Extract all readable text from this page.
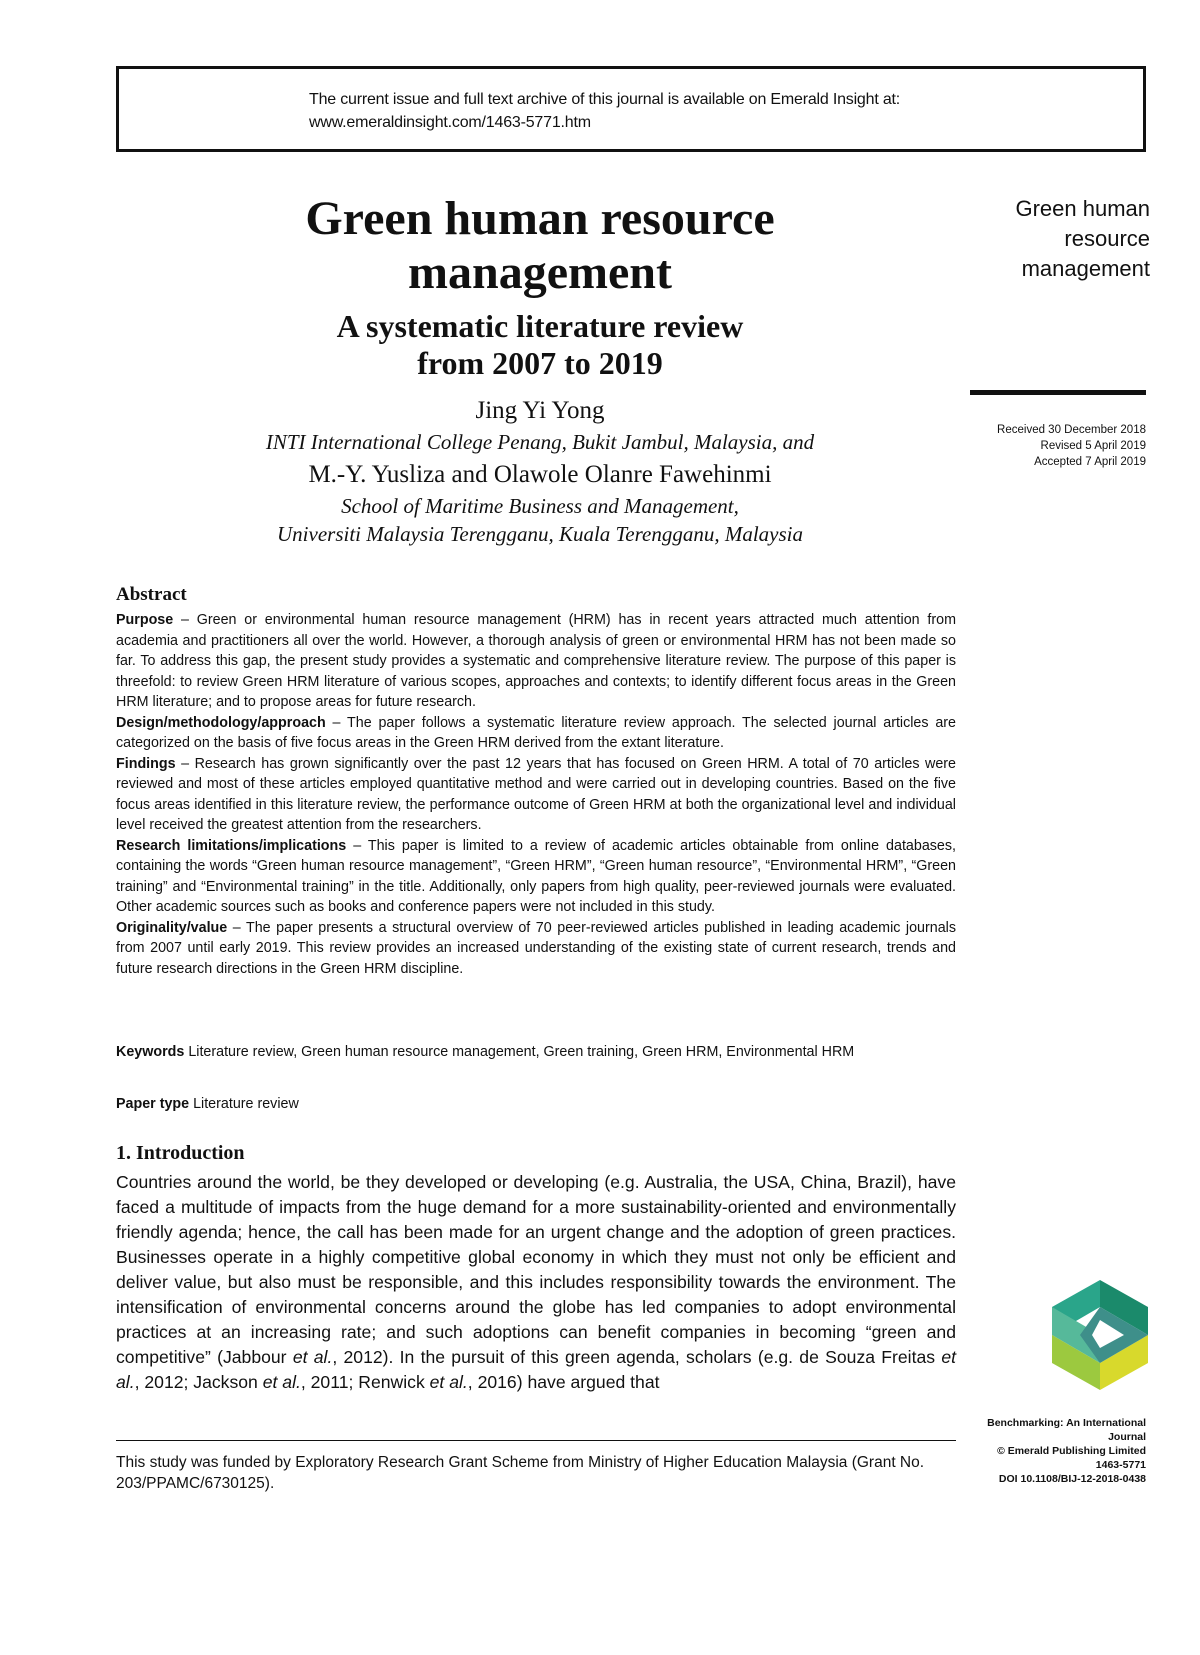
The current issue and full text archive of this journal is available on Emerald Insight at:
www.emeraldinsight.com/1463-5771.htm
Green human resource
management
A systematic literature review
from 2007 to 2019
Jing Yi Yong
INTI International College Penang, Bukit Jambul, Malaysia, and
M.-Y. Yusliza and Olawole Olanre Fawehinmi
School of Maritime Business and Management,
Universiti Malaysia Terengganu, Kuala Terengganu, Malaysia
Green human
resource
management
Received 30 December 2018
Revised 5 April 2019
Accepted 7 April 2019
Abstract

Purpose – Green or environmental human resource management (HRM) has in recent years attracted much attention from academia and practitioners all over the world. However, a thorough analysis of green or environmental HRM has not been made so far. To address this gap, the present study provides a systematic and comprehensive literature review. The purpose of this paper is threefold: to review Green HRM literature of various scopes, approaches and contexts; to identify different focus areas in the Green HRM literature; and to propose areas for future research.

Design/methodology/approach – The paper follows a systematic literature review approach. The selected journal articles are categorized on the basis of five focus areas in the Green HRM derived from the extant literature.

Findings – Research has grown significantly over the past 12 years that has focused on Green HRM. A total of 70 articles were reviewed and most of these articles employed quantitative method and were carried out in developing countries. Based on the five focus areas identified in this literature review, the performance outcome of Green HRM at both the organizational level and individual level received the greatest attention from the researchers.

Research limitations/implications – This paper is limited to a review of academic articles obtainable from online databases, containing the words “Green human resource management”, “Green HRM”, “Green human resource”, “Environmental HRM”, “Green training” and “Environmental training” in the title. Additionally, only papers from high quality, peer-reviewed journals were evaluated. Other academic sources such as books and conference papers were not included in this study.

Originality/value – The paper presents a structural overview of 70 peer-reviewed articles published in leading academic journals from 2007 until early 2019. This review provides an increased understanding of the existing state of current research, trends and future research directions in the Green HRM discipline.

Keywords Literature review, Green human resource management, Green training, Green HRM, Environmental HRM
Paper type Literature review
1. Introduction
Countries around the world, be they developed or developing (e.g. Australia, the USA, China, Brazil), have faced a multitude of impacts from the huge demand for a more sustainability-oriented and environmentally friendly agenda; hence, the call has been made for an urgent change and the adoption of green practices. Businesses operate in a highly competitive global economy in which they must not only be efficient and deliver value, but also must be responsible, and this includes responsibility towards the environment. The intensification of environmental concerns around the globe has led companies to adopt environmental practices at an increasing rate; and such adoptions can benefit companies in becoming “green and competitive” (Jabbour et al., 2012). In the pursuit of this green agenda, scholars (e.g. de Souza Freitas et al., 2012; Jackson et al., 2011; Renwick et al., 2016) have argued that
This study was funded by Exploratory Research Grant Scheme from Ministry of Higher Education Malaysia (Grant No. 203/PPAMC/6730125).
Benchmarking: An International
Journal
© Emerald Publishing Limited
1463-5771
DOI 10.1108/BIJ-12-2018-0438
